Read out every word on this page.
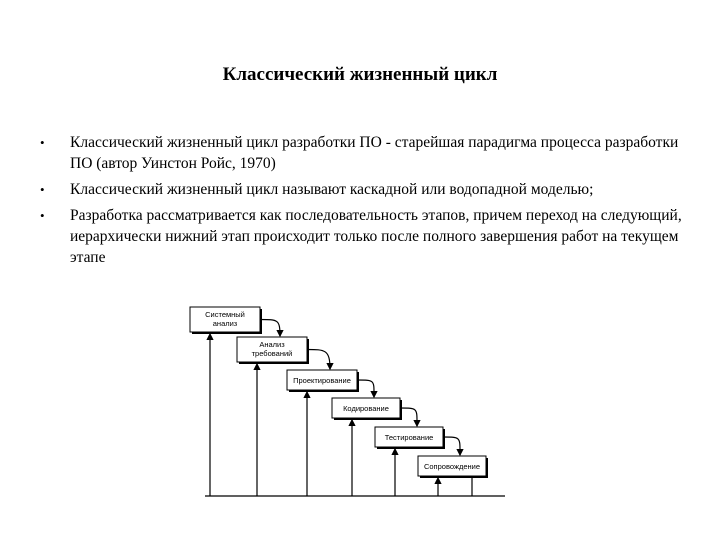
Классический жизненный цикл
• Классический жизненный цикл разработки ПО - старейшая парадигма процесса разработки ПО (автор Уинстон Ройс, 1970)
• Классический жизненный цикл называют каскадной или водопадной моделью;
• Разработка рассматривается как последовательность этапов, причем переход на следующий, иерархически нижний этап происходит только после полного завершения работ на текущем этапе
Системный
анализ
Анализ
требований
Проектирование
Кодирование
Тестирование
Сопровождение
